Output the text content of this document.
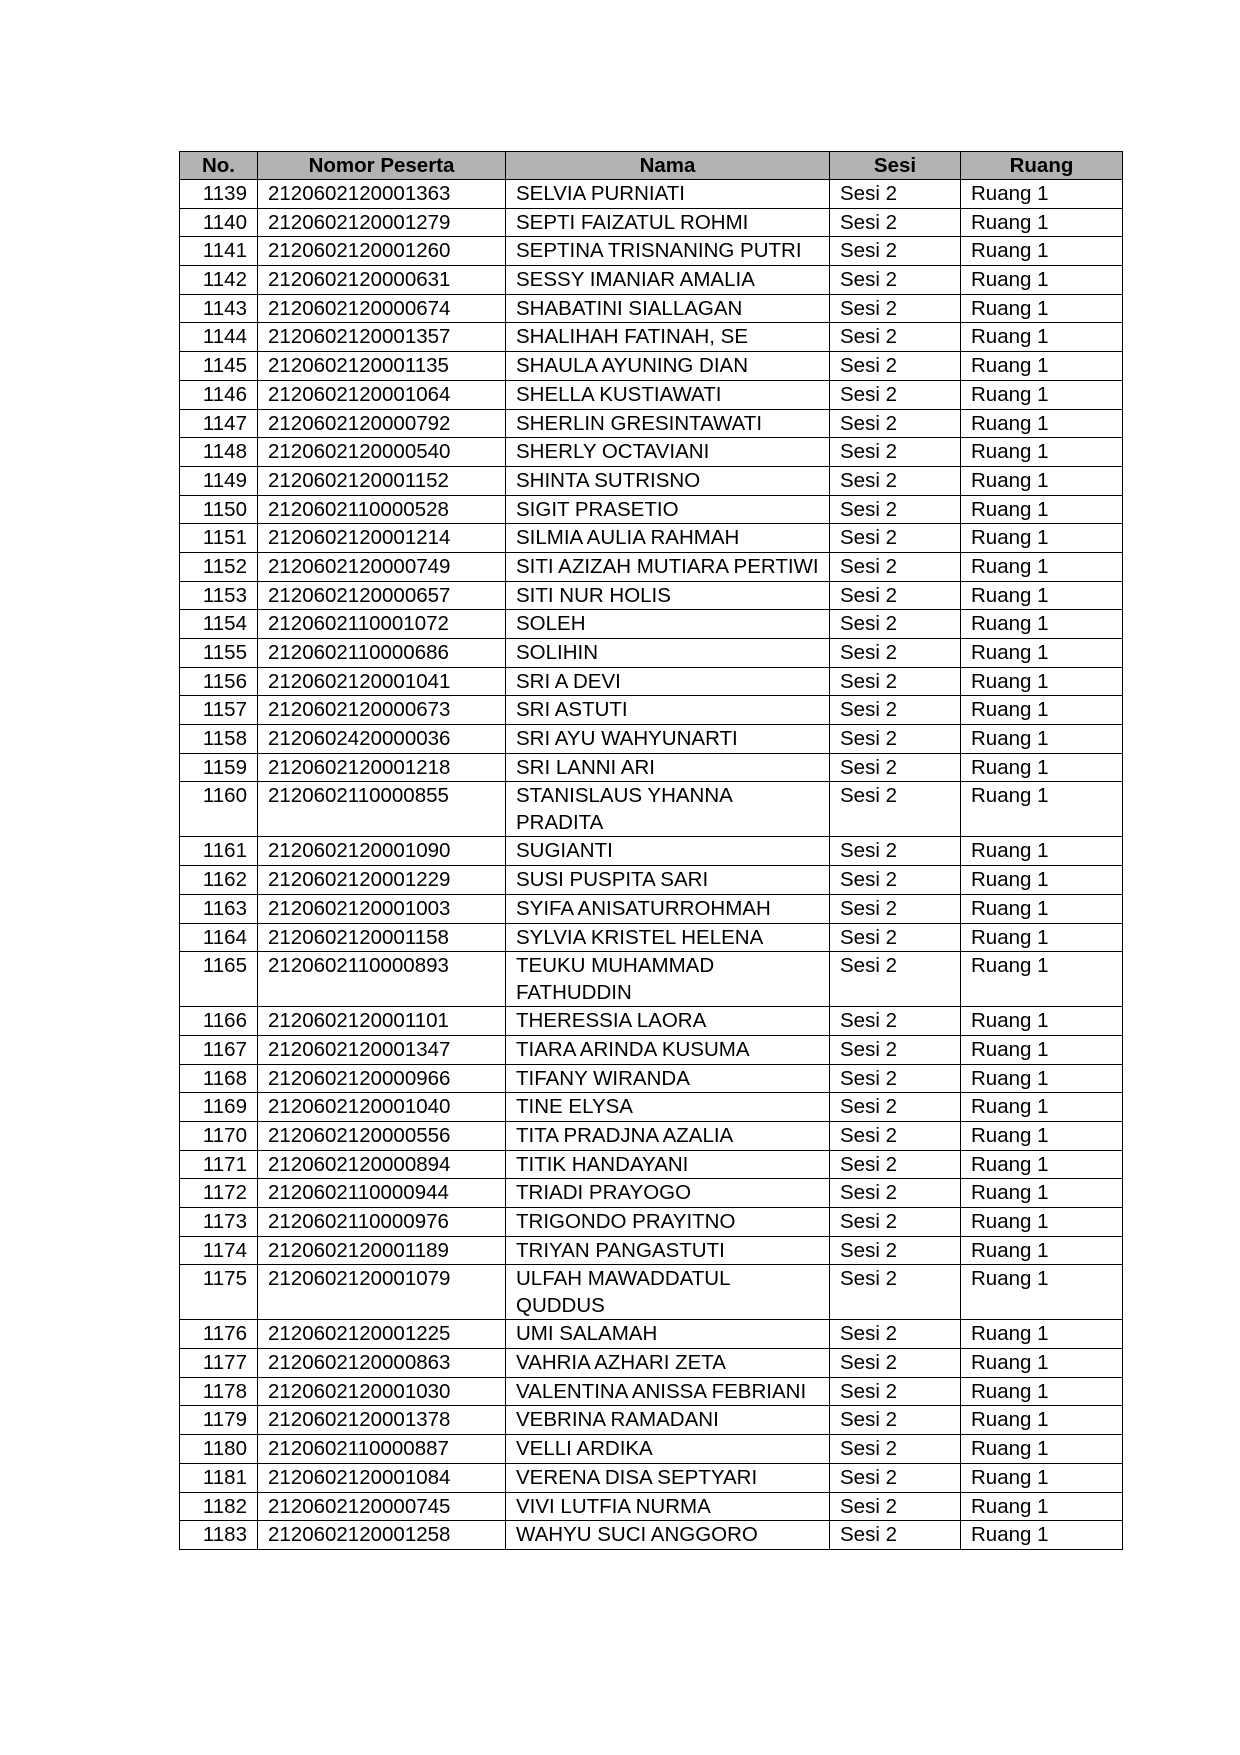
No.	Nomor Peserta	Nama	Sesi	Ruang
1139	2120602120001363	SELVIA PURNIATI	Sesi 2	Ruang 1
1140	2120602120001279	SEPTI FAIZATUL ROHMI	Sesi 2	Ruang 1
1141	2120602120001260	SEPTINA TRISNANING PUTRI	Sesi 2	Ruang 1
1142	2120602120000631	SESSY IMANIAR AMALIA	Sesi 2	Ruang 1
1143	2120602120000674	SHABATINI SIALLAGAN	Sesi 2	Ruang 1
1144	2120602120001357	SHALIHAH FATINAH, SE	Sesi 2	Ruang 1
1145	2120602120001135	SHAULA AYUNING DIAN	Sesi 2	Ruang 1
1146	2120602120001064	SHELLA KUSTIAWATI	Sesi 2	Ruang 1
1147	2120602120000792	SHERLIN GRESINTAWATI	Sesi 2	Ruang 1
1148	2120602120000540	SHERLY OCTAVIANI	Sesi 2	Ruang 1
1149	2120602120001152	SHINTA SUTRISNO	Sesi 2	Ruang 1
1150	2120602110000528	SIGIT PRASETIO	Sesi 2	Ruang 1
1151	2120602120001214	SILMIA AULIA RAHMAH	Sesi 2	Ruang 1
1152	2120602120000749	SITI AZIZAH MUTIARA PERTIWI	Sesi 2	Ruang 1
1153	2120602120000657	SITI NUR HOLIS	Sesi 2	Ruang 1
1154	2120602110001072	SOLEH	Sesi 2	Ruang 1
1155	2120602110000686	SOLIHIN	Sesi 2	Ruang 1
1156	2120602120001041	SRI A DEVI	Sesi 2	Ruang 1
1157	2120602120000673	SRI ASTUTI	Sesi 2	Ruang 1
1158	2120602420000036	SRI AYU WAHYUNARTI	Sesi 2	Ruang 1
1159	2120602120001218	SRI LANNI ARI	Sesi 2	Ruang 1
1160	2120602110000855	STANISLAUS YHANNA PRADITA	Sesi 2	Ruang 1
1161	2120602120001090	SUGIANTI	Sesi 2	Ruang 1
1162	2120602120001229	SUSI PUSPITA SARI	Sesi 2	Ruang 1
1163	2120602120001003	SYIFA ANISATURROHMAH	Sesi 2	Ruang 1
1164	2120602120001158	SYLVIA KRISTEL HELENA	Sesi 2	Ruang 1
1165	2120602110000893	TEUKU MUHAMMAD FATHUDDIN	Sesi 2	Ruang 1
1166	2120602120001101	THERESSIA LAORA	Sesi 2	Ruang 1
1167	2120602120001347	TIARA ARINDA KUSUMA	Sesi 2	Ruang 1
1168	2120602120000966	TIFANY WIRANDA	Sesi 2	Ruang 1
1169	2120602120001040	TINE ELYSA	Sesi 2	Ruang 1
1170	2120602120000556	TITA PRADJNA AZALIA	Sesi 2	Ruang 1
1171	2120602120000894	TITIK HANDAYANI	Sesi 2	Ruang 1
1172	2120602110000944	TRIADI PRAYOGO	Sesi 2	Ruang 1
1173	2120602110000976	TRIGONDO PRAYITNO	Sesi 2	Ruang 1
1174	2120602120001189	TRIYAN PANGASTUTI	Sesi 2	Ruang 1
1175	2120602120001079	ULFAH MAWADDATUL QUDDUS	Sesi 2	Ruang 1
1176	2120602120001225	UMI SALAMAH	Sesi 2	Ruang 1
1177	2120602120000863	VAHRIA AZHARI ZETA	Sesi 2	Ruang 1
1178	2120602120001030	VALENTINA ANISSA FEBRIANI	Sesi 2	Ruang 1
1179	2120602120001378	VEBRINA RAMADANI	Sesi 2	Ruang 1
1180	2120602110000887	VELLI ARDIKA	Sesi 2	Ruang 1
1181	2120602120001084	VERENA DISA SEPTYARI	Sesi 2	Ruang 1
1182	2120602120000745	VIVI LUTFIA NURMA	Sesi 2	Ruang 1
1183	2120602120001258	WAHYU SUCI ANGGORO	Sesi 2	Ruang 1
